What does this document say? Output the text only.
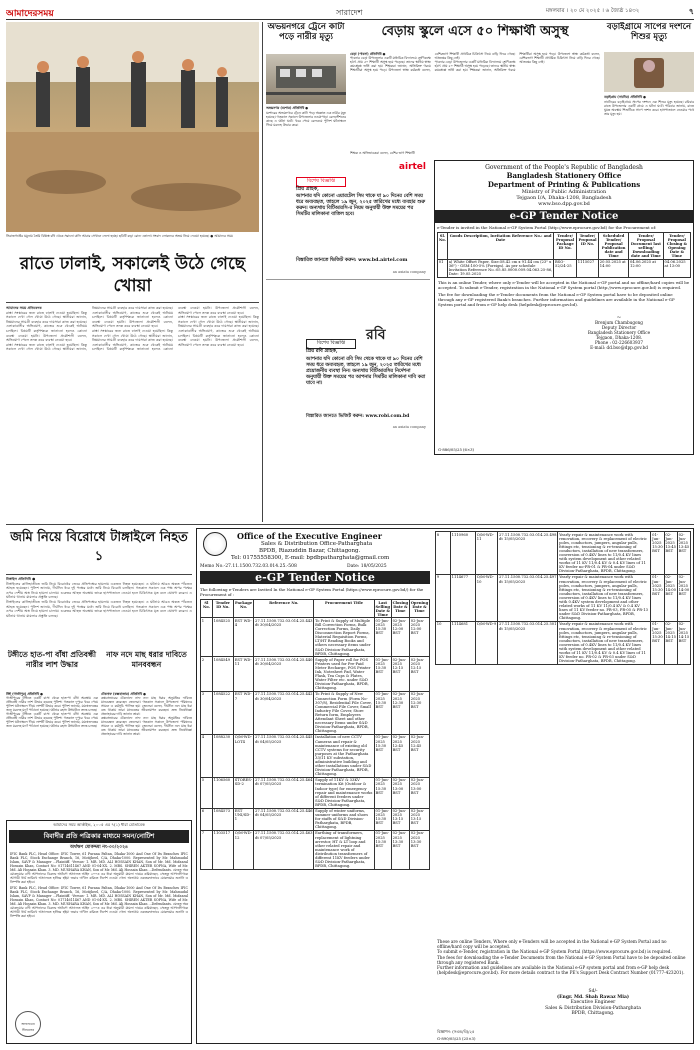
আমাদেরসময়	সারাদেশ	মঙ্গলবার । ২০ মে ২০২৫ । ৬ জ্যৈষ্ঠ ১৪৩২	৭
সিরাজগঞ্জের যমুনায় তৈরি বিধ্বস্ত বাঁধ থেকে সরানো বালি আবার সেখানে ফেলা হচ্ছে। ছবিটি কড়া রোদে তোলা। সংবাদ লোকদের অভয় নিয়ে দেওয়া হয়েছে। ● আমাদের সময়
রাতে ঢালাই, সকালেই উঠে গেছে খোয়া
আমাদের সময় প্রতিবেদক
রাস্তা সংস্কারের জন্য রাতে ঢালাই দেওয়া হয়েছিল। কিন্তু সকালে দেখা গেল খোয়া উঠে গেছে। স্থানীয়রা জানান, নিম্নমানের সামগ্রী ব্যবহার করে দায়সারা কাজ করা হয়েছে। এলাকাবাসীর অভিযোগ, কাজের শুরু থেকেই অনিয়ম চলছিল। বিষয়টি কর্তৃপক্ষকে জানানো হলেও কোনো ব্যবস্থা নেওয়া হয়নি। উপজেলা প্রকৌশলী বলেন, অভিযোগ পেলে তদন্ত করে ব্যবস্থা নেওয়া হবে।
রাস্তা সংস্কারের জন্য রাতে ঢালাই দেওয়া হয়েছিল। কিন্তু সকালে দেখা গেল খোয়া উঠে গেছে। স্থানীয়রা জানান, নিম্নমানের সামগ্রী ব্যবহার করে দায়সারা কাজ করা হয়েছে। এলাকাবাসীর অভিযোগ, কাজের শুরু থেকেই অনিয়ম চলছিল। বিষয়টি কর্তৃপক্ষকে জানানো হলেও কোনো ব্যবস্থা নেওয়া হয়নি। উপজেলা প্রকৌশলী বলেন, অভিযোগ পেলে তদন্ত করে ব্যবস্থা নেওয়া হবে।
রাস্তা সংস্কারের জন্য রাতে ঢালাই দেওয়া হয়েছিল। কিন্তু সকালে দেখা গেল খোয়া উঠে গেছে। স্থানীয়রা জানান, নিম্নমানের সামগ্রী ব্যবহার করে দায়সারা কাজ করা হয়েছে। এলাকাবাসীর অভিযোগ, কাজের শুরু থেকেই অনিয়ম চলছিল। বিষয়টি কর্তৃপক্ষকে জানানো হলেও কোনো ব্যবস্থা নেওয়া হয়নি। উপজেলা প্রকৌশলী বলেন, অভিযোগ পেলে তদন্ত করে ব্যবস্থা নেওয়া হবে।
রাস্তা সংস্কারের জন্য রাতে ঢালাই দেওয়া হয়েছিল। কিন্তু সকালে দেখা গেল খোয়া উঠে গেছে। স্থানীয়রা জানান, নিম্নমানের সামগ্রী ব্যবহার করে দায়সারা কাজ করা হয়েছে। এলাকাবাসীর অভিযোগ, কাজের শুরু থেকেই অনিয়ম চলছিল। বিষয়টি কর্তৃপক্ষকে জানানো হলেও কোনো ব্যবস্থা নেওয়া হয়নি। উপজেলা প্রকৌশলী বলেন, অভিযোগ পেলে তদন্ত করে ব্যবস্থা নেওয়া হবে।
অভয়নগরে ট্রেনে কাটা পড়ে নারীর মৃত্যু
অভয়নগর (যশোর) প্রতিনিধি ●
যশোরের অভয়নগরে ট্রেনে কাটা পড়ে অজ্ঞাত এক নারীর মৃত্যু হয়েছে। গতকাল সকালে উপজেলার নওয়াপাড়া রেলস্টেশনের কাছে এ ঘটনা ঘটে। খবর পেয়ে রেলওয়ে পুলিশ ঘটনাস্থলে গিয়ে মরদেহ উদ্ধার করে।
বেড়ায় স্কুলে এসে ৫০ শিক্ষার্থী অসুস্থ
বেড়া (পাবনা) প্রতিনিধি ●
পাবনার বেড়া উপজেলার একটি মাধ্যমিক বিদ্যালয়ে শ্রেণিকক্ষে হঠাৎ প্রায় ৫০ শিক্ষার্থী অসুস্থ হয়ে পড়েছে। তাদের স্থানীয় স্বাস্থ্য কমপ্লেক্সে ভর্তি করা হয়। শিক্ষকরা জানান, অতিরিক্ত গরমে শিক্ষার্থীরা অসুস্থ হয়ে পড়ে। উপজেলা স্বাস্থ্য কর্মকর্তা বলেন, বেশিরভাগ শিক্ষার্থী প্রাথমিক চিকিৎসা নিয়ে বাড়ি ফিরে গেছে। আতঙ্কের কিছু নেই।
পাবনার বেড়া উপজেলার একটি মাধ্যমিক বিদ্যালয়ে শ্রেণিকক্ষে হঠাৎ প্রায় ৫০ শিক্ষার্থী অসুস্থ হয়ে পড়েছে। তাদের স্থানীয় স্বাস্থ্য কমপ্লেক্সে ভর্তি করা হয়। শিক্ষকরা জানান, অতিরিক্ত গরমে শিক্ষার্থীরা অসুস্থ হয়ে পড়ে। উপজেলা স্বাস্থ্য কর্মকর্তা বলেন, বেশিরভাগ শিক্ষার্থী প্রাথমিক চিকিৎসা নিয়ে বাড়ি ফিরে গেছে। আতঙ্কের কিছু নেই।
শিক্ষক ও অভিভাবকরা বলেন, বেশির ভাগ শিক্ষার্থী
বড়াইগ্রামে সাপের দংশনে শিশুর মৃত্যু
বড়াইগ্রাম (নাটোর) প্রতিনিধি ●
নাটোরের বড়াইগ্রামে সাপের দংশনে এক শিশুর মৃত্যু হয়েছে। রবিবার রাতে উপজেলার একটি গ্রামে এ ঘটনা ঘটে। পরিবার জানায়, রাতে ঘুমন্ত অবস্থায় শিশুটিকে সাপে দংশন করে। হাসপাতালে নেওয়ার পথে তার মৃত্যু হয়।
airtel
বিশেষ বিজ্ঞপ্তি
প্রিয় গ্রাহক,
আপনার যদি কোনো এয়ারটেল সিম থাকে যা ৯০ দিনের বেশি সময় ধরে অব্যবহৃত, তাহলে ১৯ জুন, ২০২৫ তারিখের মধ্যে ব্যবহার শুরু করুন। অন্যথায় বিটিআরসি-র নিয়ম অনুযায়ী উক্ত সময়ের পর সিমটির মালিকানা বাতিল হবে।
বিস্তারিত জানতে ভিজিট করুন: www.bd.airtel.com
an axiata company
রবি
বিশেষ বিজ্ঞপ্তি
প্রিয় রবি গ্রাহক,
আপনার যদি কোনো রবি সিম থেকে থাকে যা ৯০ দিনের বেশি সময় ধরে অব্যবহৃত, তাহলে ১৯ জুন, ২০২৫ তারিখের মধ্যে প্রয়োজনীয় ব্যবস্থা নিন। অন্যথায় বিটিআরসির নির্দেশনা অনুযায়ী উক্ত সময়ের পর আপনার সিমটির মালিকানা দাবি করা যাবে না।
বিস্তারিত জানতে ভিজিট করুন: www.robi.com.bd
an axiata company
Government of the People's Republic of Bangladesh
Bangladesh Stationery Office
Department of Printing & Publications
Ministry of Public Administration
Tejgaon I/A, Dhaka-1208, Bangladesh
www.bso.dpp.gov.bd
e-GP Tender Notice
e-Tender is invited in the National e-GP System Portal (http://www.eprocure.gov.bd) for the Procurement of:
Sl. No.	Goods Description, Invitation Reference No.: and Date	Tender/ Proposal Package ID No.	Tender/ Proposal ID No.	Scheduled Tender/ Proposal Publication date and Time	Tender/ Proposal Document last selling/ Downloading date and Time	Tender/ Proposal Closing & Opening Date & Time
01	a) White Offset Paper, Size:58.42 cm x 91.44 cm (23" x 36") - GSM:100-5% (Foreign). As per schedule Invitation Reference No.:05.85.0000.009.04.063.25-86, Date: 19.05.2025	BSO-52/24-25	1115027	20.05.2025 at 14:00	04.06.2025 at 12:00	04.06.2025 at 13:00
This is an online Tender, where only e-Tender will be accepted in the National e-GP portal and no offline/hard copies will be accepted. To submit e-Tender, registration in the National e-GP System portal (http://www.eprocure.gov.bd) is required.
The fee for downloading the e-Tender documents from the National e-GP System portal have to be deposited online through any e-GP registered Bank's branches. Further information and guidelines are available in the National e-GP System portal and from e-GP help desk (helpdesk@eprocure.gov.bd).
~
Brenjum Chambugong
Deputy Director
Bangladesh Stationery Office
Tejgaon, Dhaka-1208.
Phone : 02-226603937
E-mail: dd.bso@dpp.gov.bd
G-886/05/25 (6×3)
জমি নিয়ে বিরোধে টাঙ্গাইলে নিহত ১
টাঙ্গাইল প্রতিনিধি ●
টাঙ্গাইলের কালিহাতীতে জমি নিয়ে বিরোধের জেরে প্রতিপক্ষের হামলায় একজন নিহত হয়েছেন। এ ঘটনায় আরও অন্তত পাঁচজন আহত হয়েছেন। পুলিশ জানায়, দীর্ঘদিন ধরে দুই পক্ষের মধ্যে জমি নিয়ে বিরোধ চলছিল। গতকাল সকালে এক পক্ষ অপর পক্ষের ওপর দেশীয় অস্ত্র নিয়ে হামলা চালায়। গুরুতর আহত অবস্থায় তাকে হাসপাতালে নেওয়া হলে চিকিৎসক মৃত বলে ঘোষণা করেন। এ ঘটনায় থানায় মামলার প্রস্তুতি চলছে।
টাঙ্গাইলের কালিহাতীতে জমি নিয়ে বিরোধের জেরে প্রতিপক্ষের হামলায় একজন নিহত হয়েছেন। এ ঘটনায় আরও অন্তত পাঁচজন আহত হয়েছেন। পুলিশ জানায়, দীর্ঘদিন ধরে দুই পক্ষের মধ্যে জমি নিয়ে বিরোধ চলছিল। গতকাল সকালে এক পক্ষ অপর পক্ষের ওপর দেশীয় অস্ত্র নিয়ে হামলা চালায়। গুরুতর আহত অবস্থায় তাকে হাসপাতালে নেওয়া হলে চিকিৎসক মৃত বলে ঘোষণা করেন। এ ঘটনায় থানায় মামলার প্রস্তুতি চলছে।
টঙ্গীতে হাত-পা বাঁধা প্রতিবন্ধী নারীর লাশ উদ্ধার
টঙ্গী (গাজীপুর) প্রতিনিধি ●
গাজীপুরের টঙ্গীতে একটি বাসা থেকে হাত-পা বাঁধা অবস্থায় এক প্রতিবন্ধী নারীর লাশ উদ্ধার করেছে পুলিশ। গতকাল দুপুরে খবর পেয়ে পুলিশ ঘটনাস্থলে গিয়ে লাশটি উদ্ধার করে। পুলিশ জানায়, ময়নাতদন্তের জন্য মরদেহ মর্গে পাঠানো হয়েছে। ঘটনার রহস্য উদ্ঘাটনে তদন্ত চলছে।
গাজীপুরের টঙ্গীতে একটি বাসা থেকে হাত-পা বাঁধা অবস্থায় এক প্রতিবন্ধী নারীর লাশ উদ্ধার করেছে পুলিশ। গতকাল দুপুরে খবর পেয়ে পুলিশ ঘটনাস্থলে গিয়ে লাশটি উদ্ধার করে। পুলিশ জানায়, ময়নাতদন্তের জন্য মরদেহ মর্গে পাঠানো হয়েছে। ঘটনার রহস্য উদ্ঘাটনে তদন্ত চলছে।
নাফ নদে মাছ ধরার দাবিতে মানববন্ধন
টেকনাফ (কক্সবাজার) প্রতিনিধি ●
কক্সবাজারের টেকনাফে নাফ নদে মাছ ধরার অনুমতির দাবিতে মানববন্ধন করেছেন জেলেরা। গতকাল সকালে উপজেলা পরিষদের সামনে এ কর্মসূচি পালিত হয়। জেলেরা বলেন, দীর্ঘদিন নদে মাছ ধরা বন্ধ থাকায় তারা মানবেতর জীবনযাপন করছেন। দ্রুত নিষেধাজ্ঞা প্রত্যাহারের দাবি জানান তারা।
কক্সবাজারের টেকনাফে নাফ নদে মাছ ধরার অনুমতির দাবিতে মানববন্ধন করেছেন জেলেরা। গতকাল সকালে উপজেলা পরিষদের সামনে এ কর্মসূচি পালিত হয়। জেলেরা বলেন, দীর্ঘদিন নদে মাছ ধরা বন্ধ থাকায় তারা মানবেতর জীবনযাপন করছেন। দ্রুত নিষেধাজ্ঞা প্রত্যাহারের দাবি জানান তারা।
আমাদের সময় আর্কাইভ, ২০০৫ এর ৭(১) ধারা মোতাবেক
বিবাদীর প্রতি পত্রিকার মাধ্যমে সমন/নোটিশ
অর্থঋণ মোকদ্দমা নং-৩০/২০২৪
IFIC Bank PLC, Head Office: IFIC Tower, 61 Purana Paltan, Dhaka-1000 And One Of Its Branches IFIC Bank PLC, Stock Exchange Branch, 16, Motijheel, C/A, Dhaka-1000. Represented by Mr. Mahmudul Islam, SAVP & Manager ...Plaintiff. -Versus- 1. MR. MD. ALI HOSSAIN KHAN, Son of Mr. Md. Mofazzal Hossain Khan, Contact No: 01714611467 AND 01-04-XX. 2. MRS. SHIREN AKTER SOPNA, Wife of Mr. Md. Ali Hossain Khan. 3. MD. MUSHARA KHAN, Son of Mr. Md. Ali Hossain Khan ...Defendants. যেহেতু অত্র মোকদ্দমার বাদী আপনাদের বিরুদ্ধে অর্থঋণ আদালত আইন ২০০৩ এর ধারা অনুযায়ী মামলা দায়ের করিয়াছেন, সেহেতু আপনাদিগকে আগামী ধার্য তারিখে আদালতে হাজির হইয়া জবাব দাখিল করিতে নির্দেশ দেওয়া গেল। অন্যথায় একতরফাভাবে মোকদ্দমার শুনানি ও নিষ্পত্তি করা হইবে।
IFIC Bank PLC, Head Office: IFIC Tower, 61 Purana Paltan, Dhaka-1000 And One Of Its Branches IFIC Bank PLC, Stock Exchange Branch, 16, Motijheel, C/A, Dhaka-1000. Represented by Mr. Mahmudul Islam, SAVP & Manager ...Plaintiff. -Versus- 1. MR. MD. ALI HOSSAIN KHAN, Son of Mr. Md. Mofazzal Hossain Khan, Contact No: 01714611467 AND 01-04-XX. 2. MRS. SHIREN AKTER SOPNA, Wife of Mr. Md. Ali Hossain Khan. 3. MD. MUSHARA KHAN, Son of Mr. Md. Ali Hossain Khan ...Defendants. যেহেতু অত্র মোকদ্দমার বাদী আপনাদের বিরুদ্ধে অর্থঋণ আদালত আইন ২০০৩ এর ধারা অনুযায়ী মামলা দায়ের করিয়াছেন, সেহেতু আপনাদিগকে আগামী ধার্য তারিখে আদালতে হাজির হইয়া জবাব দাখিল করিতে নির্দেশ দেওয়া গেল। অন্যথায় একতরফাভাবে মোকদ্দমার শুনানি ও নিষ্পত্তি করা হইবে।
আদালতের সীলমোহর
Office of the Executive Engineer
Sales & Distribution Office-Patharghata
BPDB, Riazuddin Bazar, Chittagong.
Tel: 01755558300, E-mail: bpdbpatharghata@gmail.com
Memo No.-27.11.1500.732.03.014.25.-508	Date: 18/05/2025
e-GP Tender Notice
The following e-Tenders are Invited In the National e-GP System Portal (https://www.eprocure.gov.bd/) for the Procurement of :
Sl No.	Tender ID No.	Package No.	Reference No.	Procurement Title	Last Selling Date & Time	Closing Date & Time	Opening Date & Time
1	1084525	EST WD-4	27.11.1500.732.03.014.25.443 dt 30/04/2025	To Print & Supply of Multiple Bill Correction Forms, Bulk Correction Forms, Daily Disconnection Report Forms, Material Requisition Forms, LT/HT Reading Books and others necessary items under S&D Division-Patharghata, BPDB, Chittagong.	01-Jun-2025 15:30 BST	02-Jun-2025 12:00 BST	02-Jun-2025 12:00 BST
2	1084549	EST WD-11	27.11.1500.732.03.014.25.440 dt 30/04/2025	Supply of Paper roll for POS Printers used for Pre-Paid Meter Recharge, POS Printer Ink, Notesheet Pad, Water Flask, Tea Cups & Plates, Water Filter etc. under S&D Division-Patharghata, BPDB, Chittagong.	01-Jun-2025 15:30 BST	02-Jun-2025 12:15 BST	02-Jun-2025 12:15 BST
3	1084522	EST WD-7	27.11.1500.732.03.014.25.442 dt 30/04/2025	To Print & Supply of New Connection Form (Form No-307/8), Residential File Cover, Commercial File Cover, Small Industry File Cover, Store Return form, Employees Attendant Sheet and other necessary Items under S&D Division-Patharghata, BPDB, Chittagong.	01-Jun-2025 15:30 BST	02-Jun-2025 12:30 BST	02-Jun-2025 12:30 BST
4	1088230	O/M-WD-LOT4	27.11.1500.732.03.014.25.445 dt 04/05/2025	Installation of new CCTV Cameras and repair & maintenance of existing old CCTV systems for security purposes at the Patharghata 33/11 KV substation, administrative building and other installations under S&D Division-Patharghata, BPDB, Chittagong.	01-Jun-2025 15:30 BST	02-Jun-2025 12:45 BST	02-Jun-2025 12:45 BST
5	1106560	STORES-SD-2	27.11.1500.732.03.014.25.464 dt 07/05/2025	Supply of 11KV & 33KV termination Kit (Outdoor & Indoor type) for emergency repair and maintenance works of different feeders under S&D Division-Patharghata, BPDB, Chittagong.	01-Jun-2025 15:30 BST	02-Jun-2025 13:00 BST	02-Jun-2025 13:00 BST
6	1084573	EST UNI/SD-1	27.11.1500.732.03.014.25.446 dt 04/05/2025	Supply of winter uniforms, summer uniforms and shoes for staffs of S&D Division-Patharghata, BPDB, Chittagong.	01-Jun-2025 15:30 BST	02-Jun-2025 13:15 BST	02-Jun-2025 13:15 BST
7	1103517	O/M-WD-12	27.11.1500.732.03.014.25.463 dt 07/05/2025	Earthing of transformers, replacement of lightning arrestor, HT & LT loop and other related repair and maintenance work of distribution transformers of different 11KV feeders under S&D Division-Patharghata, BPDB, Chittagong.	01-Jun-2025 15:30 BST	02-Jun-2025 13:30 BST	02-Jun-2025 13:30 BST
8	1110960	O/M-WD-11	27.11.1500.732.03.014.25.498 dt 15/05/2025	Yearly repair & maintenance work with renovation, recovery & replacement of electric poles, conductors, jumpers, angular pulls, fittings etc, tensioning & re-tensioning of conductors, installation of new transformers, conversion of 0.4KV lines to 11/0.4 KV lines with system development and other related works of 11 KV 11/0.4 KV & 0.4 KV lines of 11 KV feeder no-PR-01 & PR-04 under S&D Division-Patharghata, BPDB, Chittagong.	01-Jun-2025 15:30 BST	02-Jun-2025 13:45 BST	02-Jun-2025 13:45 BST
9	1114677	O/M-WD-10	27.11.1500.732.03.014.25.497 dt 15/05/2025	Yearly repair & maintenance work with renovation, recovery & replacement of electric poles, conductors, jumpers, angular pulls, fittings etc, tensioning & re-tensioning of conductors, installation of new transformers, conversion of 0.4KV lines to 11/0.4 KV lines with 0.4KV system development and other related works of 11 KV 11/0.4 KV & 0.4 KV lines of 11 KV feeder no. PR-03, PR-05 & PR-13 under S&D Division-Patharghata, BPDB, Chittagong.	01-Jun-2025 15:30 BST	02-Jun-2025 14:00 BST	02-Jun-2025 14:00 BST
10	1114681	O/M-WD-9	27.11.1500.732.03.014.25.501 dt 15/05/2025	Yearly repair & maintenance work with renovation, recovery & replacement of electric poles, conductors, jumpers, angular pulls, fittings etc, tensioning & re-tensioning of conductors, installation of new transformers, conversion of 0.4KV lines to 11/0.4 KV lines with system development and other related works of 11 KV 11/0.4 KV & 0.4 KV lines of 11 KV feeder no. PR-02 & PR-03 under S&D Division-Patharghata, BPDB, Chittagong.	01-Jun-2025 15:30 BST	02-Jun-2025 14:15 BST	02-Jun-2025 14:15 BST
These are online Tenders, Where only e-Tenders will be accepted in the National e-GP System Portal and no offline/hard copy will be accepted.
To submit e-Tender, registration in the National e-GP System Portal (https://www.eprocure.gov.bd) is required.
The fees for downloading the e-Tender Documents from the National e-GP System Portal have to be deposited online through any registered Bank.
Further information and guidelines are available in the National e-GP system portal and from e-GP help desk (helpdesk@eprocure.gov.bd). For more details contract to the PE's Support Desk Contract Number (01777-423201).
Sd/-
(Engr. Md. Shah Rawaz Mia)
Executive Engineer
Sales & Distribution Division-Patharghata
BPDB, Chittagong.
বিজ্ঞাপন: (সএন্ড/বি)/২৫
G-890/05/25 (25×3)
